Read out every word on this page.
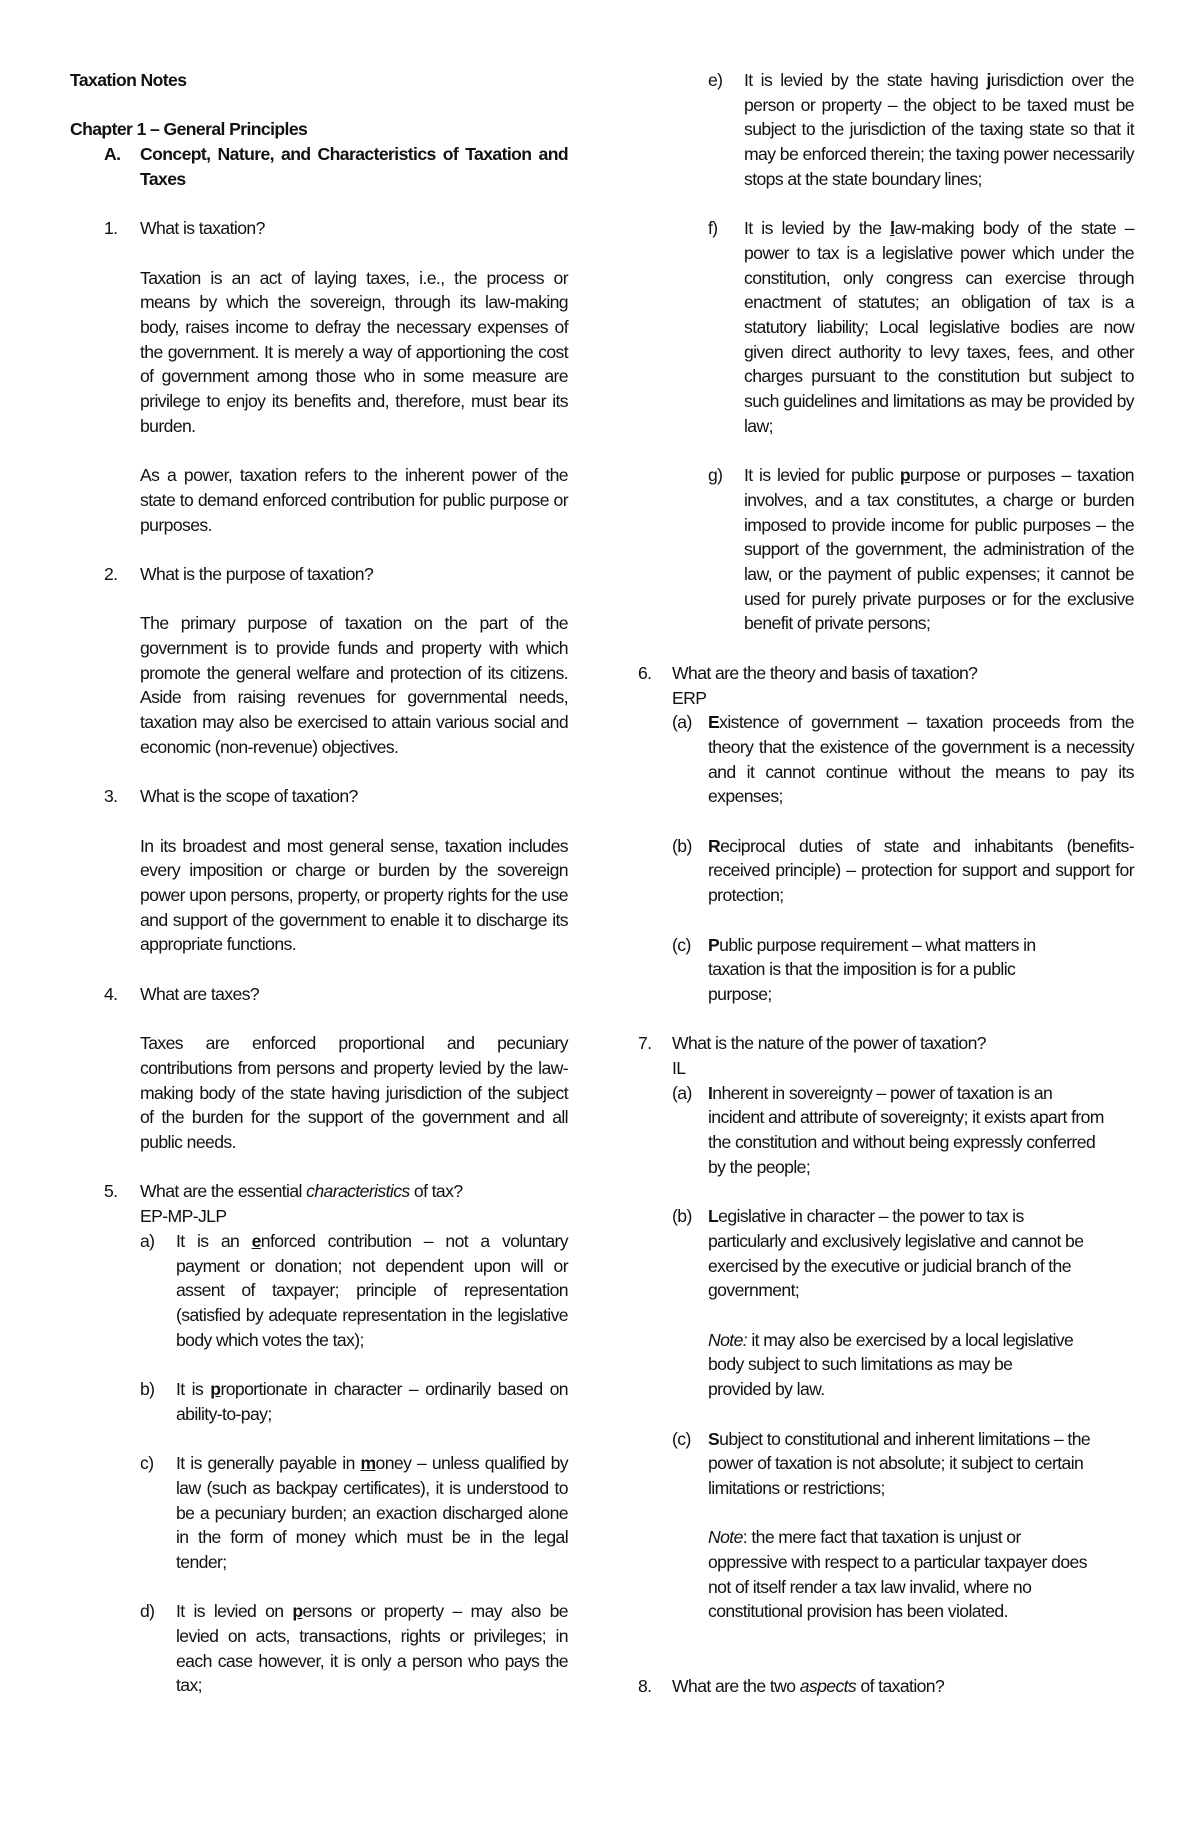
Taxation Notes

Chapter 1 – General Principles

A.	Concept, Nature, and Characteristics of Taxation and Taxes
1.	What is taxation?

Taxation is an act of laying taxes, i.e., the process or means by which the sovereign, through its law-making body, raises income to defray the necessary expenses of the government. It is merely a way of apportioning the cost of government among those who in some measure are privilege to enjoy its benefits and, therefore, must bear its burden.

As a power, taxation refers to the inherent power of the state to demand enforced contribution for public purpose or purposes.

2.	What is the purpose of taxation?

The primary purpose of taxation on the part of the government is to provide funds and property with which promote the general welfare and protection of its citizens. Aside from raising revenues for governmental needs, taxation may also be exercised to attain various social and economic (non-revenue) objectives.

3.	What is the scope of taxation?

In its broadest and most general sense, taxation includes every imposition or charge or burden by the sovereign power upon persons, property, or property rights for the use and support of the government to enable it to discharge its appropriate functions.

4.	What are taxes?

Taxes are enforced proportional and pecuniary contributions from persons and property levied by the law-making body of the state having jurisdiction of the subject of the burden for the support of the government and all public needs.

5.	What are the essential characteristics of tax?

EP-MP-JLP

a)	It is an enforced contribution – not a voluntary payment or donation; not dependent upon will or assent of taxpayer; principle of representation (satisfied by adequate representation in the legislative body which votes the tax);
b)	It is proportionate in character – ordinarily based on ability-to-pay;
c)	It is generally payable in money – unless qualified by law (such as backpay certificates), it is understood to be a pecuniary burden; an exaction discharged alone in the form of money which must be in the legal tender;
d)	It is levied on persons or property – may also be levied on acts, transactions, rights or privileges; in each case however, it is only a person who pays the tax;
e)	It is levied by the state having jurisdiction over the person or property – the object to be taxed must be subject to the jurisdiction of the taxing state so that it may be enforced therein; the taxing power necessarily stops at the state boundary lines;
f)	It is levied by the law-making body of the state – power to tax is a legislative power which under the constitution, only congress can exercise through enactment of statutes; an obligation of tax is a statutory liability; Local legislative bodies are now given direct authority to levy taxes, fees, and other charges pursuant to the constitution but subject to such guidelines and limitations as may be provided by law;
g)	It is levied for public purpose or purposes – taxation involves, and a tax constitutes, a charge or burden imposed to provide income for public purposes – the support of the government, the administration of the law, or the payment of public expenses; it cannot be used for purely private purposes or for the exclusive benefit of private persons;
6.	What are the theory and basis of taxation?

ERP

(a) Existence of government – taxation proceeds from the theory that the existence of the government is a necessity and it cannot continue without the means to pay its expenses;
(b) Reciprocal duties of state and inhabitants (benefits-received principle) – protection for support and support for protection;
(c) Public purpose requirement – what matters in taxation is that the imposition is for a public purpose;
7.	What is the nature of the power of taxation?

IL

(a) Inherent in sovereignty – power of taxation is an incident and attribute of sovereignty; it exists apart from the constitution and without being expressly conferred by the people;
(b) Legislative in character – the power to tax is particularly and exclusively legislative and cannot be exercised by the executive or judicial branch of the government;

Note: it may also be exercised by a local legislative body subject to such limitations as may be provided by law.

(c) Subject to constitutional and inherent limitations – the power of taxation is not absolute; it subject to certain limitations or restrictions;

Note: the mere fact that taxation is unjust or oppressive with respect to a particular taxpayer does not of itself render a tax law invalid, where no constitutional provision has been violated.

8.	What are the two aspects of taxation?
